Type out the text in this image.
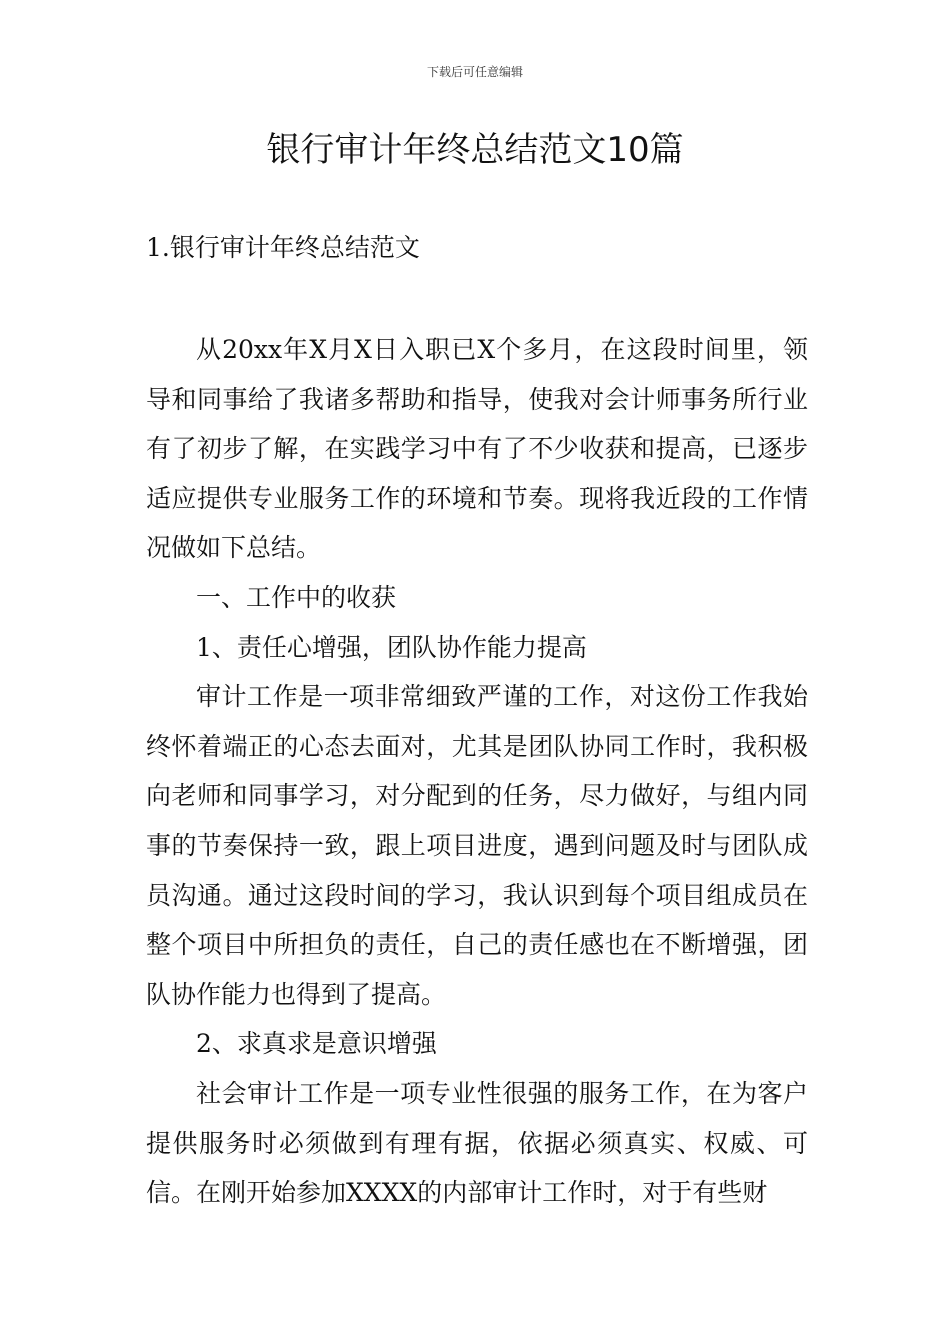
下载后可任意编辑
银行审计年终总结范文10篇
1.银行审计年终总结范文

从20xx年X月X日入职已X个多月，在这段时间里，领导和同事给了我诸多帮助和指导，使我对会计师事务所行业有了初步了解，在实践学习中有了不少收获和提高，已逐步适应提供专业服务工作的环境和节奏。现将我近段的工作情况做如下总结。

一、工作中的收获

1、责任心增强，团队协作能力提高

审计工作是一项非常细致严谨的工作，对这份工作我始终怀着端正的心态去面对，尤其是团队协同工作时，我积极向老师和同事学习，对分配到的任务，尽力做好，与组内同事的节奏保持一致，跟上项目进度，遇到问题及时与团队成员沟通。通过这段时间的学习，我认识到每个项目组成员在整个项目中所担负的责任，自己的责任感也在不断增强，团队协作能力也得到了提高。

2、求真求是意识增强

社会审计工作是一项专业性很强的服务工作，在为客户提供服务时必须做到有理有据，依据必须真实、权威、可信。在刚开始参加XXXX的内部审计工作时，对于有些财
